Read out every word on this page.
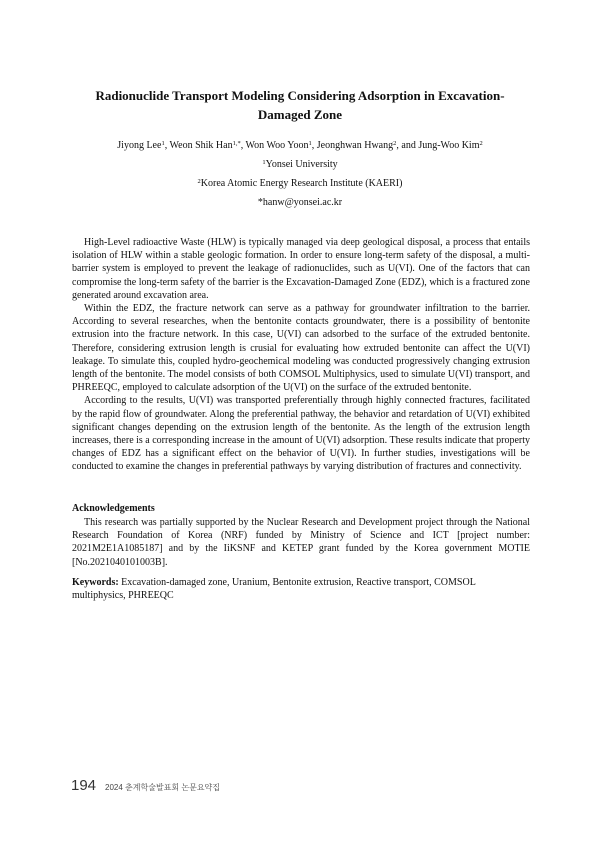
Radionuclide Transport Modeling Considering Adsorption in Excavation-
Damaged Zone
Jiyong Lee$^1$, Weon Shik Han$^{1,*}$, Won Woo Yoon$^1$, Jeonghwan Hwang$^2$, and Jung-Woo Kim$^2$
$^1$Yonsei University
$^2$Korea Atomic Energy Research Institute (KAERI)
*hanw@yonsei.ac.kr

High-Level radioactive Waste (HLW) is typically managed via deep geological disposal, a process that entails isolation of HLW within a stable geologic formation. In order to ensure long-term safety of the disposal, a multi-barrier system is employed to prevent the leakage of radionuclides, such as U(VI). One of the factors that can compromise the long-term safety of the barrier is the Excavation-Damaged Zone (EDZ), which is a fractured zone generated around excavation area.

Within the EDZ, the fracture network can serve as a pathway for groundwater infiltration to the barrier. According to several researches, when the bentonite contacts groundwater, there is a possibility of bentonite extrusion into the fracture network. In this case, U(VI) can adsorbed to the surface of the extruded bentonite. Therefore, considering extrusion length is crusial for evaluating how extruded bentonite can affect the U(VI) leakage. To simulate this, coupled hydro-geochemical modeling was conducted progressively changing extrusion length of the bentonite. The model consists of both COMSOL Multiphysics, used to simulate U(VI) transport, and PHREEQC, employed to calculate adsorption of the U(VI) on the surface of the extruded bentonite.

According to the results, U(VI) was transported preferentially through highly connected fractures, facilitated by the rapid flow of groundwater. Along the preferential pathway, the behavior and retardation of U(VI) exhibited significant changes depending on the extrusion length of the bentonite. As the length of the extrusion length increases, there is a corresponding increase in the amount of U(VI) adsorption. These results indicate that property changes of EDZ has a significant effect on the behavior of U(VI). In further studies, investigations will be conducted to examine the changes in preferential pathways by varying distribution of fractures and connectivity.

Acknowledgements

This research was partially supported by the Nuclear Research and Development project through the National Research Foundation of Korea (NRF) funded by Ministry of Science and ICT [project number: 2021M2E1A1085187] and by the IiKSNF and KETEP grant funded by the Korea government MOTIE [No.2021040101003B].

Keywords: Excavation-damaged zone, Uranium, Bentonite extrusion, Reactive transport, COMSOL multiphysics, PHREEQC
194 2024 춘계학술발표회 논문요약집
